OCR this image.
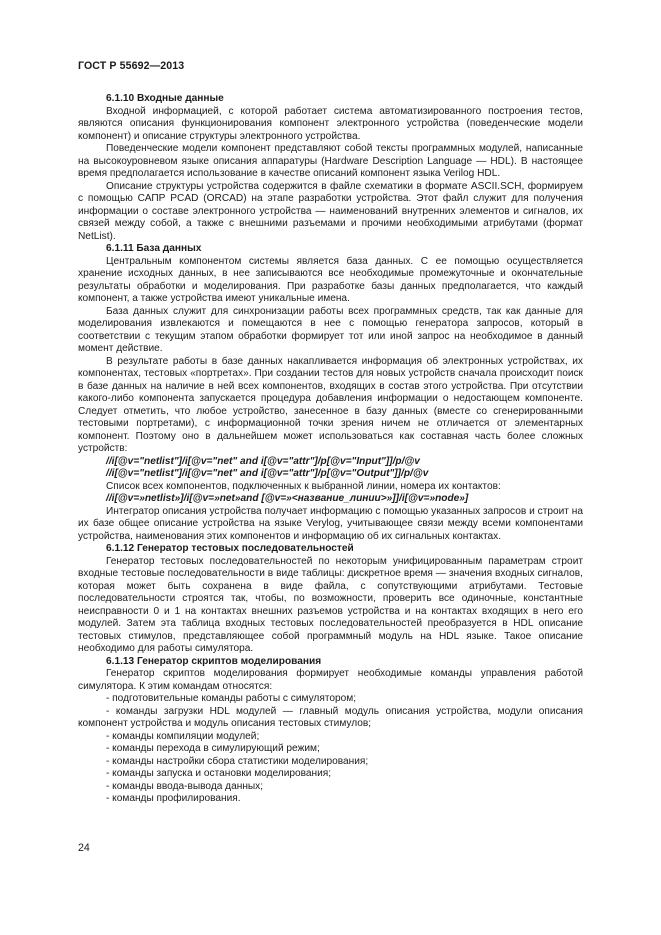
ГОСТ Р 55692—2013
6.1.10 Входные данные

Входной информацией, с которой работает система автоматизированного построения тестов, являются описания функционирования компонент электронного устройства (поведенческие модели компонент) и описание структуры электронного устройства.

Поведенческие модели компонент представляют собой тексты программных модулей, написанные на высокоуровневом языке описания аппаратуры (Hardware Description Language — HDL). В настоящее время предполагается использование в качестве описаний компонент языка Verilog HDL.

Описание структуры устройства содержится в файле схематики в формате ASCII.SCH, формируем с помощью САПР PCAD (ORCAD) на этапе разработки устройства. Этот файл служит для получения информации о составе электронного устройства — наименований внутренних элементов и сигналов, их связей между собой, а также с внешними разъемами и прочими необходимыми атрибутами (формат NetList).

6.1.11 База данных

Центральным компонентом системы является база данных. С ее помощью осуществляется хранение исходных данных, в нее записываются все необходимые промежуточные и окончательные результаты обработки и моделирования. При разработке базы данных предполагается, что каждый компонент, а также устройства имеют уникальные имена.

База данных служит для синхронизации работы всех программных средств, так как данные для моделирования извлекаются и помещаются в нее с помощью генератора запросов, который в соответствии с текущим этапом обработки формирует тот или иной запрос на необходимое в данный момент действие.

В результате работы в базе данных накапливается информация об электронных устройствах, их компонентах, тестовых «портретах». При создании тестов для новых устройств сначала происходит поиск в базе данных на наличие в ней всех компонентов, входящих в состав этого устройства. При отсутствии какого-либо компонента запускается процедура добавления информации о недостающем компоненте. Следует отметить, что любое устройство, занесенное в базу данных (вместе со сгенерированными тестовыми портретами), с информационной точки зрения ничем не отличается от элементарных компонент. Поэтому оно в дальнейшем может использоваться как составная часть более сложных устройств:

//i[@v="netlist"]/i[@v="net" and i[@v="attr"]/p[@v="Input"]]/p/@v

//i[@v="netlist"]/i[@v="net" and i[@v="attr"]/p[@v="Output"]]/p/@v

Список всех компонентов, подключенных к выбранной линии, номера их контактов:

//i[@v=»netlist»]/i[@v=»net»and [@v=»<название_линии>»]]/i[@v=»node»]

Интегратор описания устройства получает информацию с помощью указанных запросов и строит на их базе общее описание устройства на языке Verylog, учитывающее связи между всеми компонентами устройства, наименования этих компонентов и информацию об их сигнальных контактах.

6.1.12 Генератор тестовых последовательностей

Генератор тестовых последовательностей по некоторым унифицированным параметрам строит входные тестовые последовательности в виде таблицы: дискретное время — значения входных сигналов, которая может быть сохранена в виде файла, с сопутствующими атрибутами. Тестовые последовательности строятся так, чтобы, по возможности, проверить все одиночные, константные неисправности 0 и 1 на контактах внешних разъемов устройства и на контактах входящих в него его модулей. Затем эта таблица входных тестовых последовательностей преобразуется в HDL описание тестовых стимулов, представляющее собой программный модуль на HDL языке. Такое описание необходимо для работы симулятора.

6.1.13 Генератор скриптов моделирования

Генератор скриптов моделирования формирует необходимые команды управления работой симулятора. К этим командам относятся:

- подготовительные команды работы с симулятором;
- команды загрузки HDL модулей — главный модуль описания устройства, модули описания компонент устройства и модуль описания тестовых стимулов;
- команды компиляции модулей;
- команды перехода в симулирующий режим;
- команды настройки сбора статистики моделирования;
- команды запуска и остановки моделирования;
- команды ввода-вывода данных;
- команды профилирования.
24
